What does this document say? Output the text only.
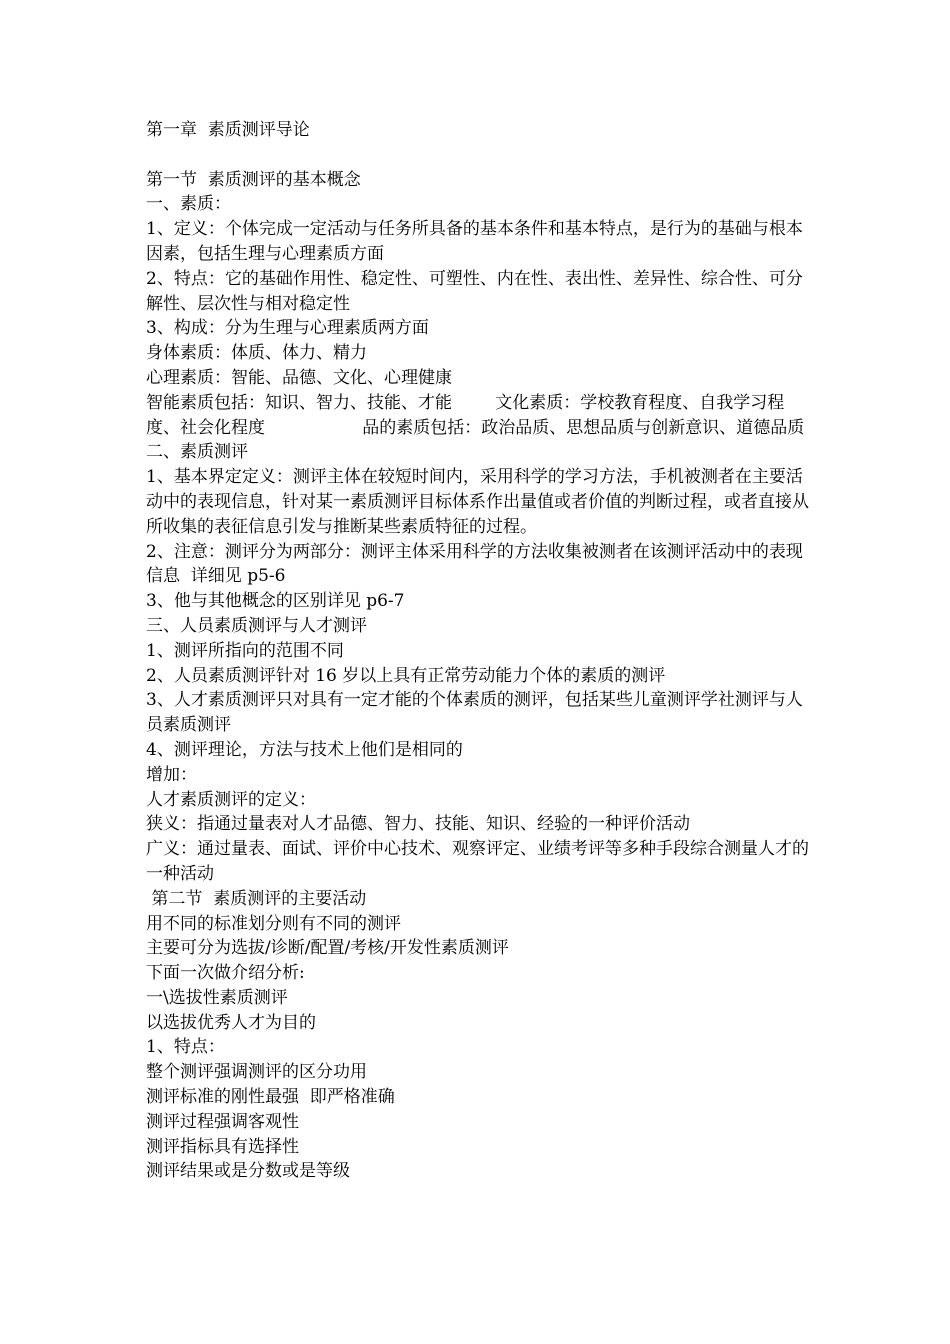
第一章  素质测评导论

第一节  素质测评的基本概念

一、素质：

1、定义：个体完成一定活动与任务所具备的基本条件和基本特点，是行为的基础与根本因素，包括生理与心理素质方面

2、特点：它的基础作用性、稳定性、可塑性、内在性、表出性、差异性、综合性、可分解性、层次性与相对稳定性

3、构成：分为生理与心理素质两方面

身体素质：体质、体力、精力

心理素质：智能、品德、文化、心理健康

智能素质包括：知识、智力、技能、才能        文化素质：学校教育程度、自我学习程度、社会化程度                  品的素质包括：政治品质、思想品质与创新意识、道德品质

二、素质测评

1、基本界定定义：测评主体在较短时间内，采用科学的学习方法，手机被测者在主要活动中的表现信息，针对某一素质测评目标体系作出量值或者价值的判断过程，或者直接从所收集的表征信息引发与推断某些素质特征的过程。

2、注意：测评分为两部分：测评主体采用科学的方法收集被测者在该测评活动中的表现信息  详细见 p5-6

3、他与其他概念的区别详见 p6-7

三、人员素质测评与人才测评

1、测评所指向的范围不同

2、人员素质测评针对 16 岁以上具有正常劳动能力个体的素质的测评

3、人才素质测评只对具有一定才能的个体素质的测评，包括某些儿童测评学社测评与人员素质测评

4、测评理论，方法与技术上他们是相同的

增加：

人才素质测评的定义：

狭义：指通过量表对人才品德、智力、技能、知识、经验的一种评价活动

广义：通过量表、面试、评价中心技术、观察评定、业绩考评等多种手段综合测量人才的一种活动

第二节  素质测评的主要活动

用不同的标准划分则有不同的测评

主要可分为选拔/诊断/配置/考核/开发性素质测评

下面一次做介绍分析:

一\选拔性素质测评

以选拔优秀人才为目的

1、特点：

整个测评强调测评的区分功用

测评标准的刚性最强  即严格准确

测评过程强调客观性

测评指标具有选择性

测评结果或是分数或是等级
